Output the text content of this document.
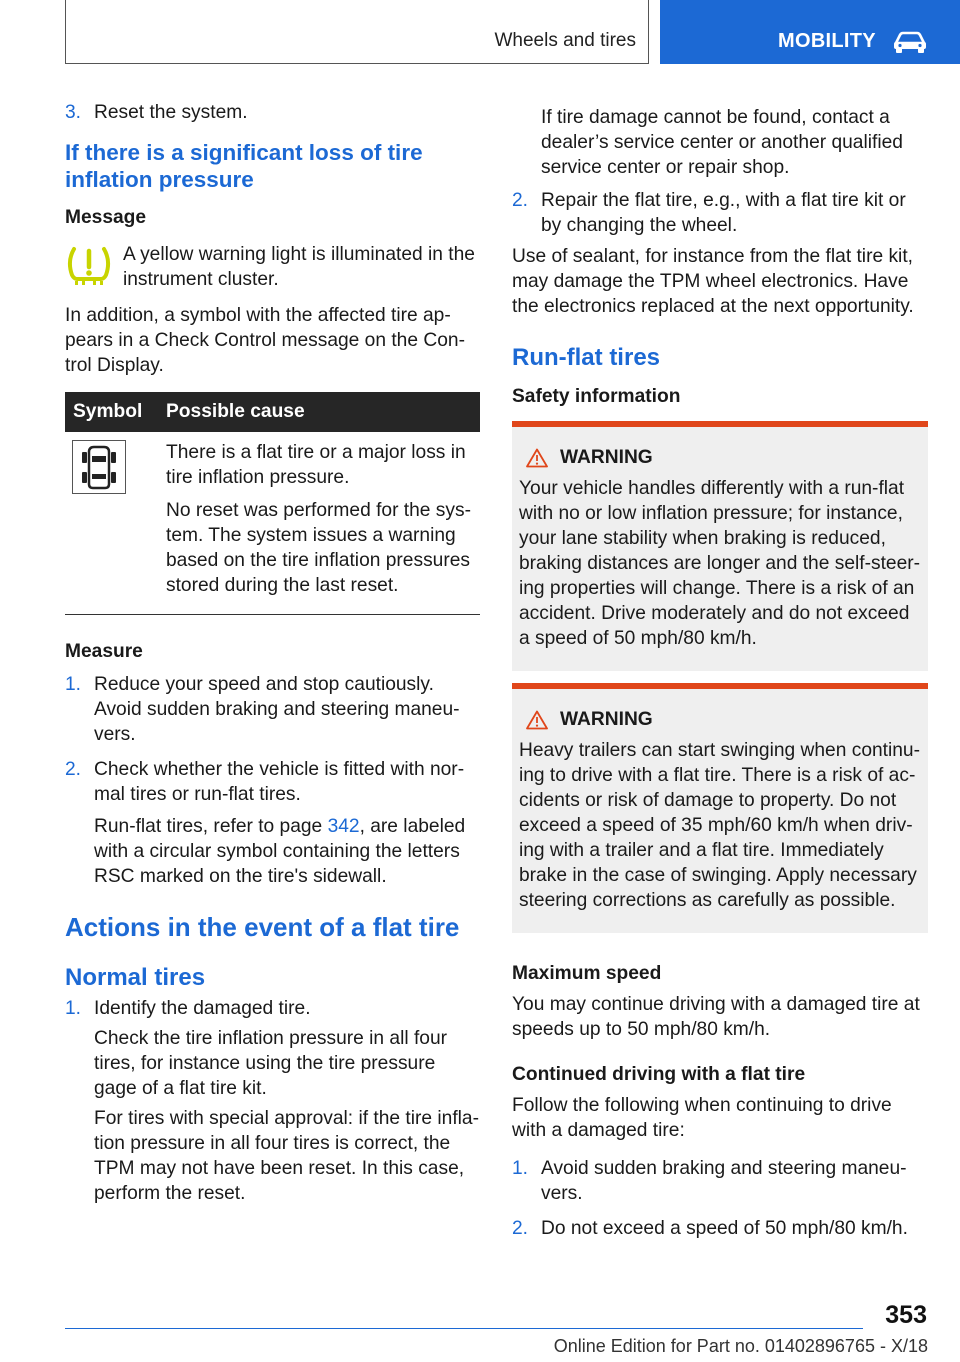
Wheels and tires	MOBILITY
3. Reset the system.
If there is a significant loss of tire inflation pressure
Message

A yellow warning light is illuminated in the instrument cluster.

In addition, a symbol with the affected tire appears in a Check Control message on the Control Display.

Symbol	Possible cause

There is a flat tire or a major loss in tire inflation pressure.

No reset was performed for the system. The system issues a warning based on the tire inflation pressures stored during the last reset.

Measure
1. Reduce your speed and stop cautiously. Avoid sudden braking and steering maneuvers.
2. Check whether the vehicle is fitted with normal tires or run-flat tires.

Run-flat tires, refer to page 342, are labeled with a circular symbol containing the letters RSC marked on the tire's sidewall.

Actions in the event of a flat tire
Normal tires
1. Identify the damaged tire.

Check the tire inflation pressure in all four tires, for instance using the tire pressure gage of a flat tire kit.

For tires with special approval: if the tire inflation pressure in all four tires is correct, the TPM may not have been reset. In this case, perform the reset.

If tire damage cannot be found, contact a dealer’s service center or another qualified service center or repair shop.

2. Repair the flat tire, e.g., with a flat tire kit or by changing the wheel.

Use of sealant, for instance from the flat tire kit, may damage the TPM wheel electronics. Have the electronics replaced at the next opportunity.

Run-flat tires
Safety information
WARNING

Your vehicle handles differently with a run-flat with no or low inflation pressure; for instance, your lane stability when braking is reduced, braking distances are longer and the self-steering properties will change. There is a risk of an accident. Drive moderately and do not exceed a speed of 50 mph/80 km/h.

WARNING

Heavy trailers can start swinging when continuing to drive with a flat tire. There is a risk of accidents or risk of damage to property. Do not exceed a speed of 35 mph/60 km/h when driving with a trailer and a flat tire. Immediately brake in the case of swinging. Apply necessary steering corrections as carefully as possible.

Maximum speed

You may continue driving with a damaged tire at speeds up to 50 mph/80 km/h.

Continued driving with a flat tire

Follow the following when continuing to drive with a damaged tire:

1. Avoid sudden braking and steering maneuvers.
2. Do not exceed a speed of 50 mph/80 km/h.
353
Online Edition for Part no. 01402896765 - X/18
